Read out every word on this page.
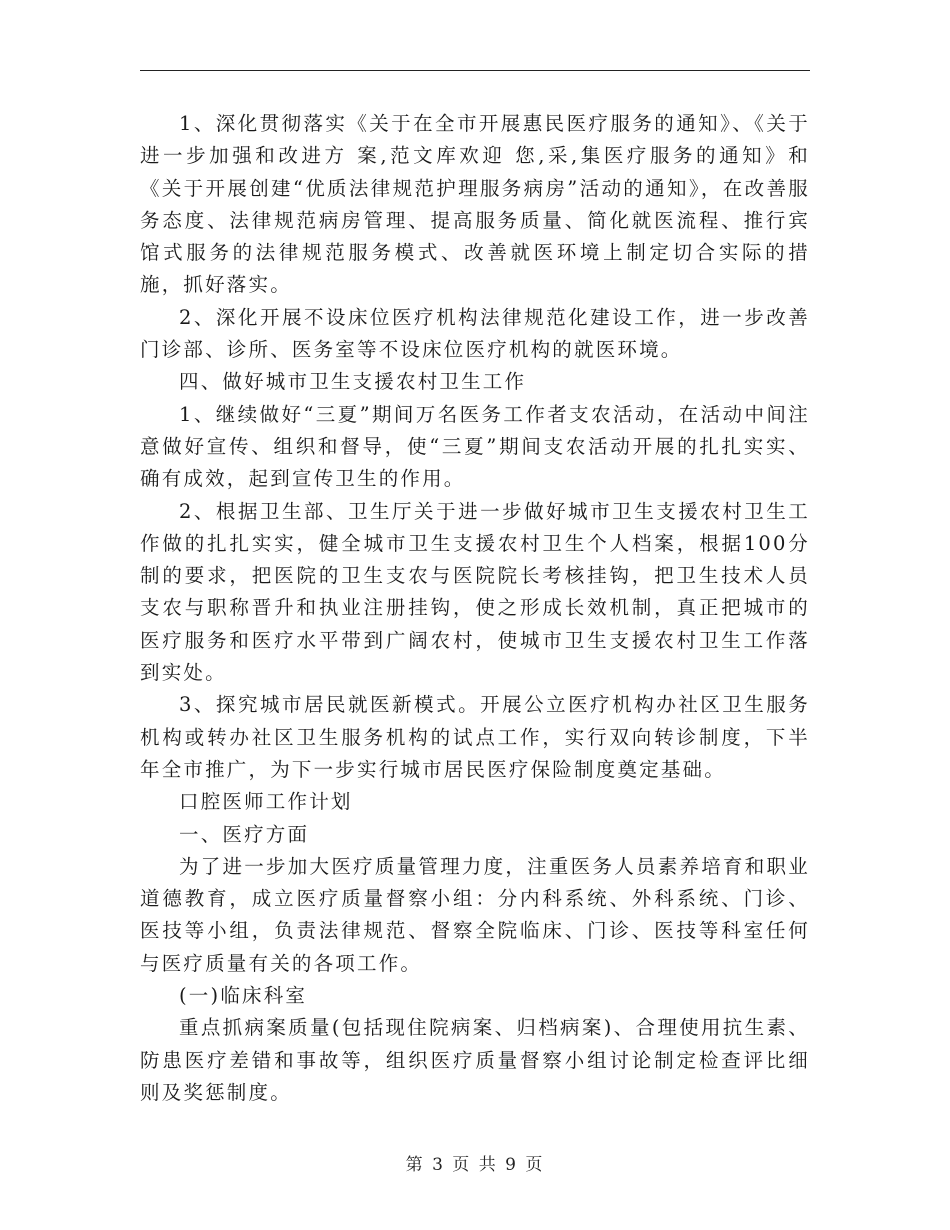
1、深化贯彻落实《关于在全市开展惠民医疗服务的通知》、《关于进一步加强和改进方 案,范文库欢迎 您,采,集医疗服务的通知》和《关于开展创建“优质法律规范护理服务病房”活动的通知》，在改善服务态度、法律规范病房管理、提高服务质量、简化就医流程、推行宾馆式服务的法律规范服务模式、改善就医环境上制定切合实际的措施，抓好落实。

2、深化开展不设床位医疗机构法律规范化建设工作，进一步改善门诊部、诊所、医务室等不设床位医疗机构的就医环境。

四、做好城市卫生支援农村卫生工作

1、继续做好“三夏”期间万名医务工作者支农活动，在活动中间注意做好宣传、组织和督导，使“三夏”期间支农活动开展的扎扎实实、确有成效，起到宣传卫生的作用。

2、根据卫生部、卫生厅关于进一步做好城市卫生支援农村卫生工作做的扎扎实实，健全城市卫生支援农村卫生个人档案，根据100分制的要求，把医院的卫生支农与医院院长考核挂钩，把卫生技术人员支农与职称晋升和执业注册挂钩，使之形成长效机制，真正把城市的医疗服务和医疗水平带到广阔农村，使城市卫生支援农村卫生工作落到实处。

3、探究城市居民就医新模式。开展公立医疗机构办社区卫生服务机构或转办社区卫生服务机构的试点工作，实行双向转诊制度，下半年全市推广，为下一步实行城市居民医疗保险制度奠定基础。

口腔医师工作计划

一、医疗方面

为了进一步加大医疗质量管理力度，注重医务人员素养培育和职业道德教育，成立医疗质量督察小组：分内科系统、外科系统、门诊、医技等小组，负责法律规范、督察全院临床、门诊、医技等科室任何与医疗质量有关的各项工作。

(一)临床科室

重点抓病案质量(包括现住院病案、归档病案)、合理使用抗生素、防患医疗差错和事故等，组织医疗质量督察小组讨论制定检查评比细则及奖惩制度。

第 3 页 共 9 页
